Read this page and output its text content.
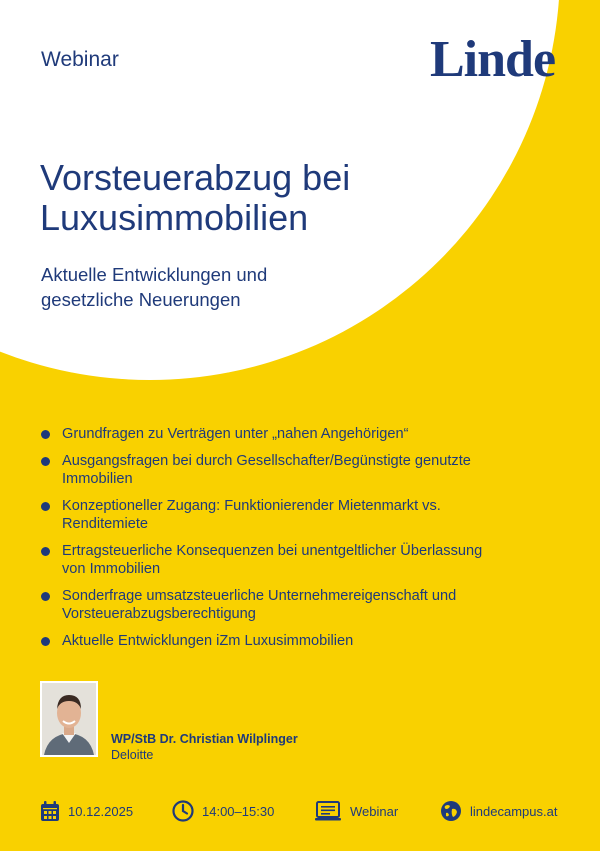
Webinar	Linde
Vorsteuerabzug bei
Luxusimmobilien
Aktuelle Entwicklungen und
gesetzliche Neuerungen
Grundfragen zu Verträgen unter „nahen Angehörigen“
Ausgangsfragen bei durch Gesellschafter/Begünstigte genutzte
Immobilien
Konzeptioneller Zugang: Funktionierender Mietenmarkt vs.
Renditemiete
Ertragsteuerliche Konsequenzen bei unentgeltlicher Überlassung
von Immobilien
Sonderfrage umsatzsteuerliche Unternehmereigenschaft und
Vorsteuerabzugsberechtigung
Aktuelle Entwicklungen iZm Luxusimmobilien
WP/StB Dr. Christian Wilplinger
Deloitte
10.12.2025	14:00–15:30	Webinar	lindecampus.at
